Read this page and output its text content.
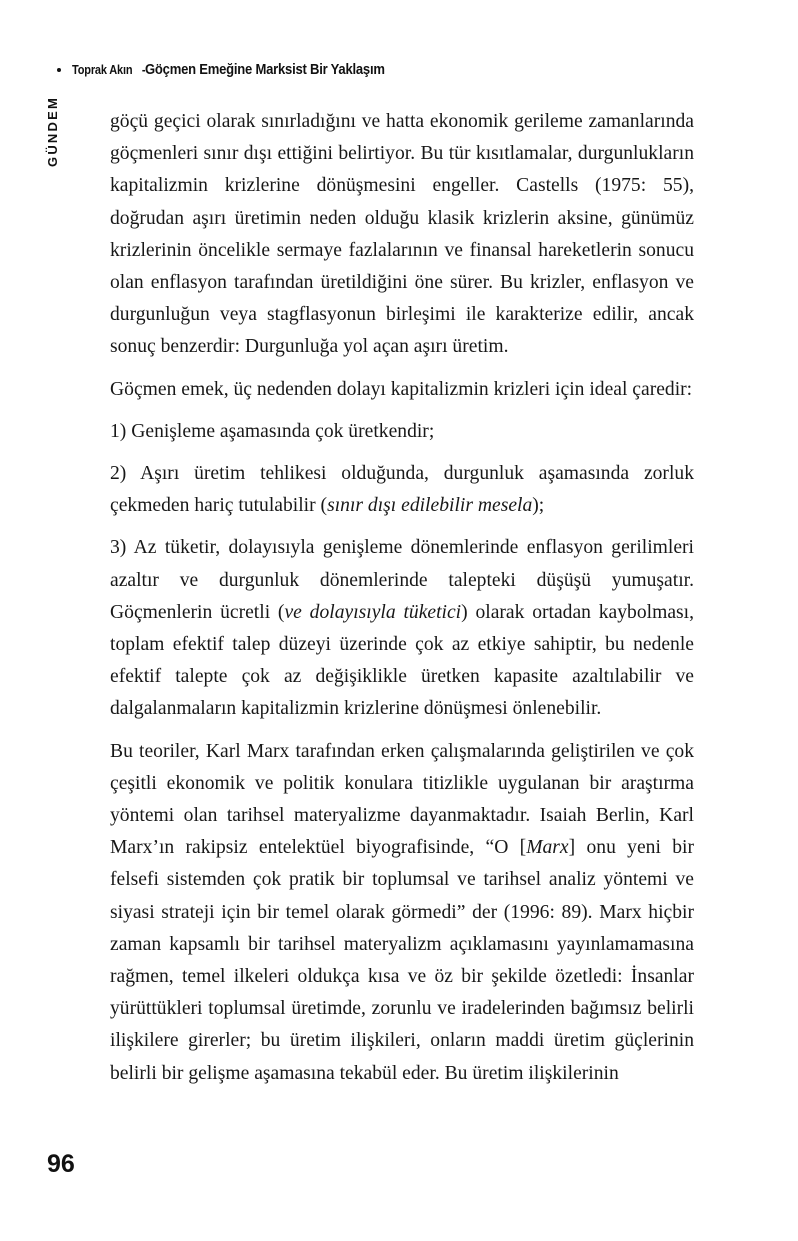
Toprak Akın - Göçmen Emeğine Marksist Bir Yaklaşım
GÜNDEM	göçü geçici olarak sınırladığını ve hatta ekonomik gerileme zamanlarında göçmenleri sınır dışı ettiğini belirtiyor. Bu tür kısıtlamalar, durgunlukların kapitalizmin krizlerine dönüşmesini engeller. Castells (1975: 55), doğrudan aşırı üretimin neden olduğu klasik krizlerin aksine, günümüz krizlerinin öncelikle sermaye fazlalarının ve finansal hareketlerin sonucu olan enflasyon tarafından üretildiğini öne sürer. Bu krizler, enflasyon ve durgunluğun veya stagflasyonun birleşimi ile karakterize edilir, ancak sonuç benzerdir: Durgunluğa yol açan aşırı üretim.

Göçmen emek, üç nedenden dolayı kapitalizmin krizleri için ideal çaredir:

1) Genişleme aşamasında çok üretkendir;

2) Aşırı üretim tehlikesi olduğunda, durgunluk aşamasında zorluk çekmeden hariç tutulabilir (sınır dışı edilebilir mesela);

3) Az tüketir, dolayısıyla genişleme dönemlerinde enflasyon gerilimleri azaltır ve durgunluk dönemlerinde talepteki düşüşü yumuşatır. Göçmenlerin ücretli (ve dolayısıyla tüketici) olarak ortadan kaybolması, toplam efektif talep düzeyi üzerinde çok az etkiye sahiptir, bu nedenle efektif talepte çok az değişiklikle üretken kapasite azaltılabilir ve dalgalanmaların kapitalizmin krizlerine dönüşmesi önlenebilir.

Bu teoriler, Karl Marx tarafından erken çalışmalarında geliştirilen ve çok çeşitli ekonomik ve politik konulara titizlikle uygulanan bir araştırma yöntemi olan tarihsel materyalizme dayanmaktadır. Isaiah Berlin, Karl Marx’ın rakipsiz entelektüel biyografisinde, “O [Marx] onu yeni bir felsefi sistemden çok pratik bir toplumsal ve tarihsel analiz yöntemi ve siyasi strateji için bir temel olarak görmedi” der (1996: 89). Marx hiçbir zaman kapsamlı bir tarihsel materyalizm açıklamasını yayınlamamasına rağmen, temel ilkeleri oldukça kısa ve öz bir şekilde özetledi: İnsanlar yürüttükleri toplumsal üretimde, zorunlu ve iradelerinden bağımsız belirli ilişkilere girerler; bu üretim ilişkileri, onların maddi üretim güçlerinin belirli bir gelişme aşamasına tekabül eder. Bu üretim ilişkilerinin

96
